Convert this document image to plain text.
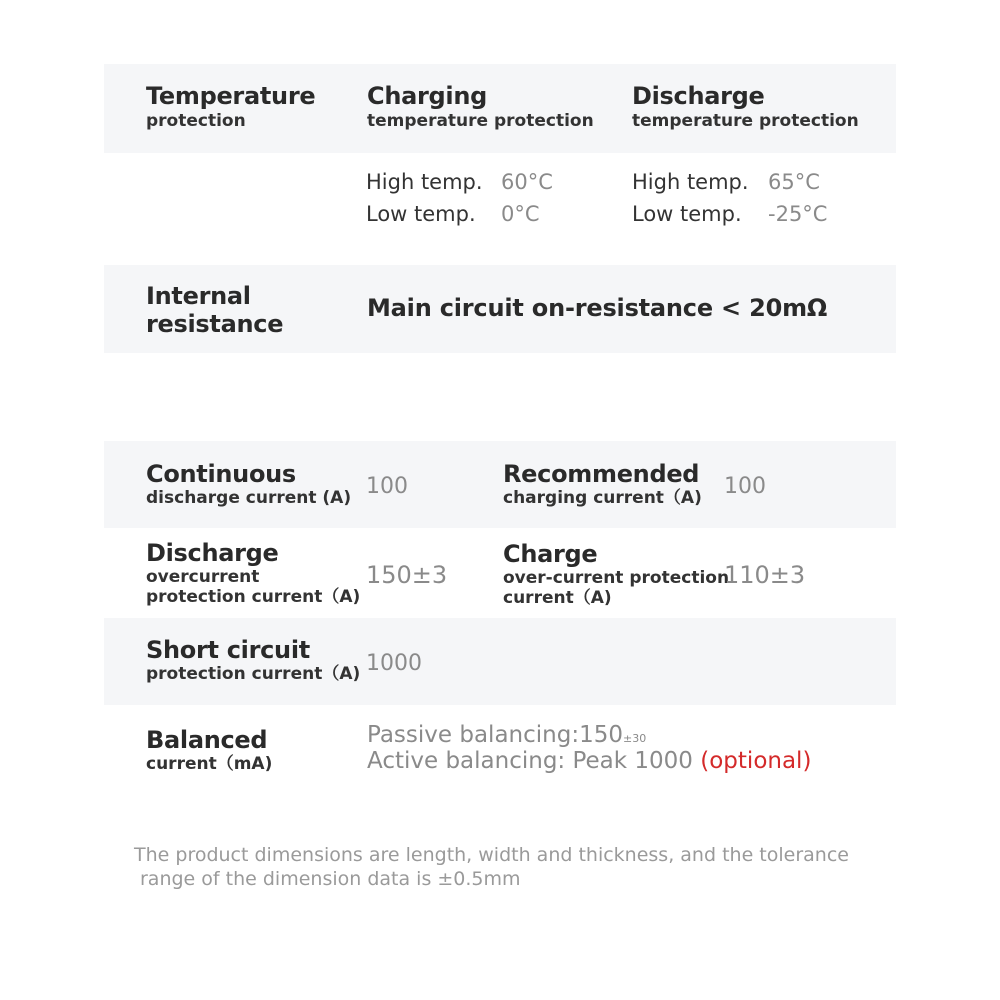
Temperature
protection
Charging
temperature protection
Discharge
temperature protection
High temp. 60°C
Low temp. 0°C
High temp. 65°C
Low temp. -25°C
Internal
resistance
Main circuit on-resistance < 20mΩ
Continuous
discharge current (A) 100	Recommended
charging current（A) 100
Discharge
overcurrent
protection current（A)
150±3
Charge
over-current protection
current（A)
110±3
Short circuit
protection current（A) 1000
Balanced
current（mA)
Passive balancing:150±30
Active balancing: Peak 1000 (optional)
The product dimensions are length, width and thickness, and the tolerance
range of the dimension data is ±0.5mm
